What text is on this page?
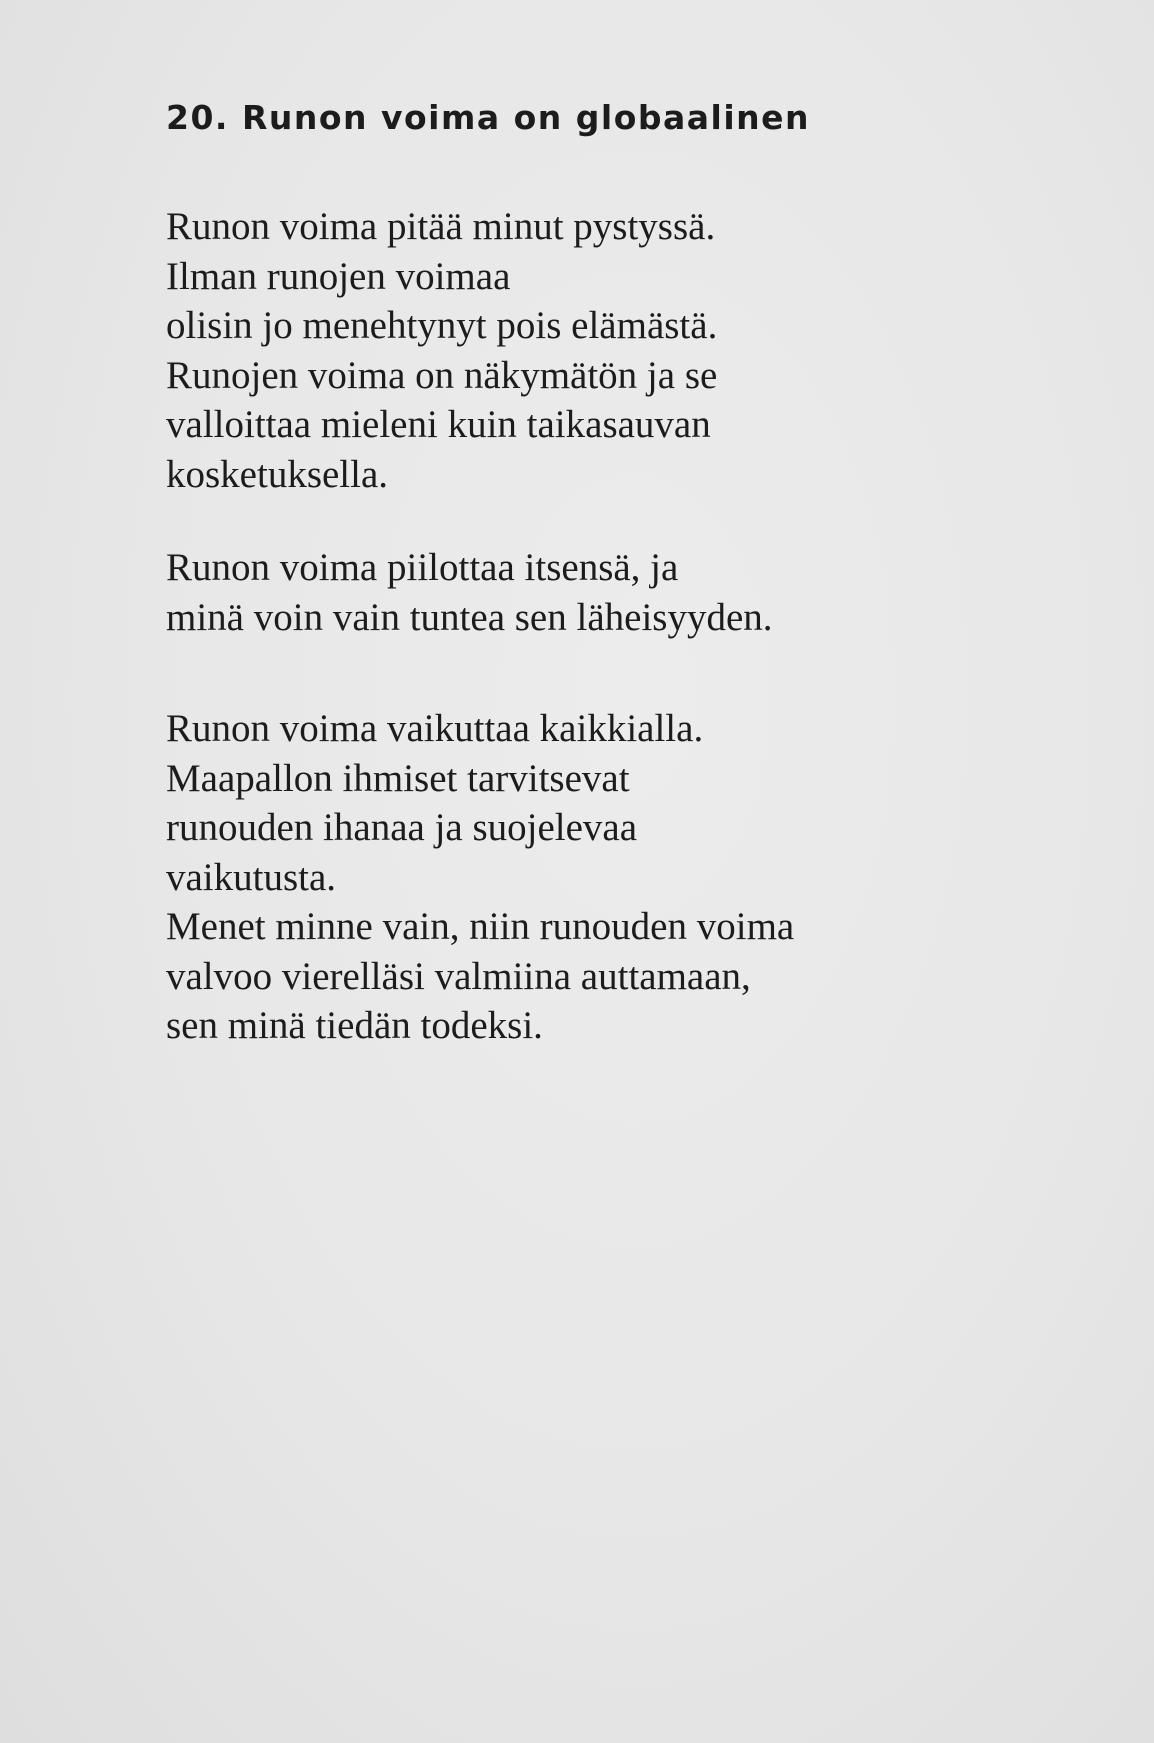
20. Runon voima on globaalinen

Runon voima pitää minut pystyssä.
Ilman runojen voimaa
olisin jo menehtynyt pois elämästä.
Runojen voima on näkymätön ja se
valloittaa mieleni kuin taikasauvan
kosketuksella.

Runon voima piilottaa itsensä, ja
minä voin vain tuntea sen läheisyyden.

Runon voima vaikuttaa kaikkialla.
Maapallon ihmiset tarvitsevat
runouden ihanaa ja suojelevaa
vaikutusta.
Menet minne vain, niin runouden voima
valvoo vierelläsi valmiina auttamaan,
sen minä tiedän todeksi.
